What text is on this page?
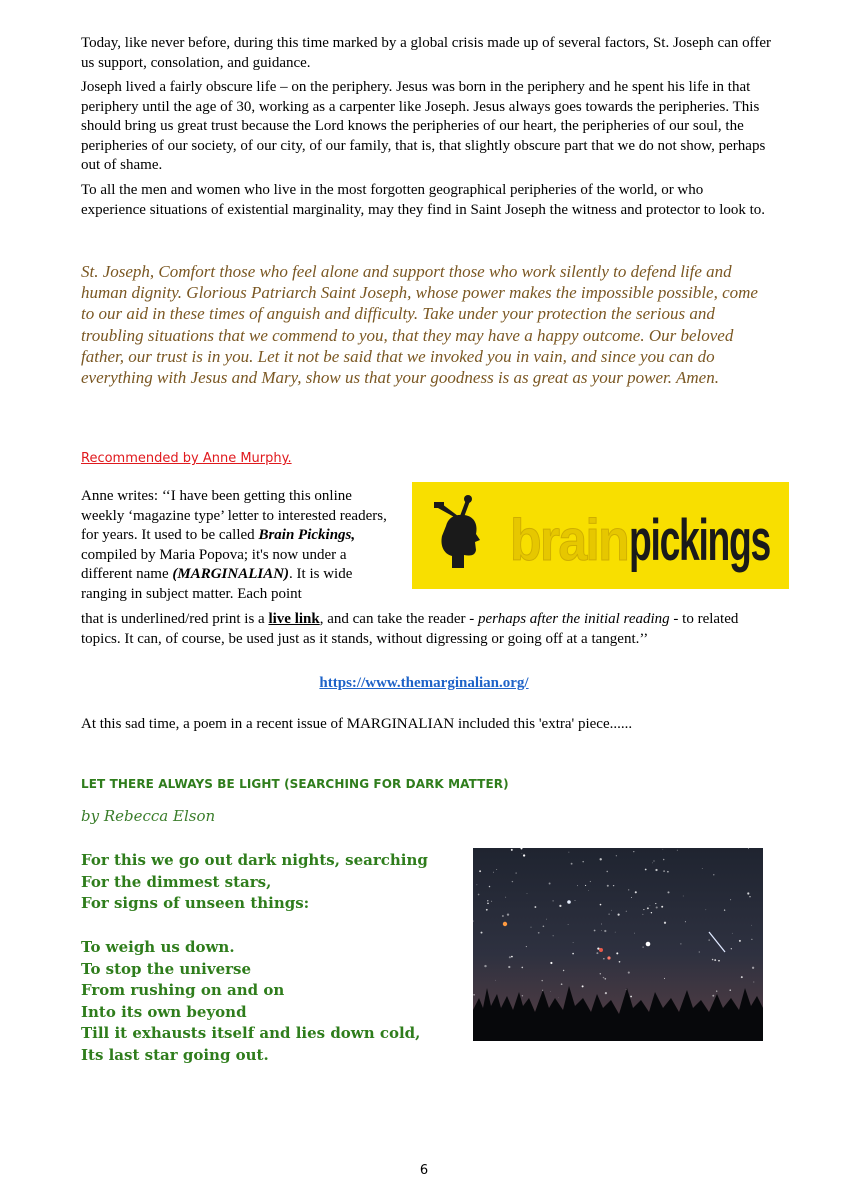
Today, like never before, during this time marked by a global crisis made up of several factors, St. Joseph can offer us support, consolation, and guidance.

Joseph lived a fairly obscure life – on the periphery. Jesus was born in the periphery and he spent his life in that periphery until the age of 30, working as a carpenter like Joseph. Jesus always goes towards the peripheries. This should bring us great trust because the Lord knows the peripheries of our heart, the peripheries of our soul, the peripheries of our society, of our city, of our family, that is, that slightly obscure part that we do not show, perhaps out of shame.

To all the men and women who live in the most forgotten geographical peripheries of the world, or who experience situations of existential marginality, may they find in Saint Joseph the witness and protector to look to.

St. Joseph, Comfort those who feel alone and support those who work silently to defend life and human dignity. Glorious Patriarch Saint Joseph, whose power makes the impossible possible, come to our aid in these times of anguish and difficulty. Take under your protection the serious and troubling situations that we commend to you, that they may have a happy outcome. Our beloved father, our trust is in you. Let it not be said that we invoked you in vain, and since you can do everything with Jesus and Mary, show us that your goodness is as great as your power. Amen.

Recommended by Anne Murphy.

Anne writes: ‘‘I have been getting this online weekly ‘magazine type’ letter to interested readers, for years. It used to be called Brain Pickings, compiled by Maria Popova; it's now under a different name (MARGINALIAN). It is wide ranging in subject matter. Each point

that is underlined/red print is a live link, and can take the reader - perhaps after the initial reading - to related topics. It can, of course, be used just as it stands, without digressing or going off at a tangent.’’

brain pickings
https://www.themarginalian.org/
At this sad time, a poem in a recent issue of MARGINALIAN included this 'extra' piece......
LET THERE ALWAYS BE LIGHT (SEARCHING FOR DARK MATTER)
by Rebecca Elson
For this we go out dark nights, searching
For the dimmest stars,
For signs of unseen things:
To weigh us down.
To stop the universe
From rushing on and on
Into its own beyond
Till it exhausts itself and lies down cold,
Its last star going out.
6
